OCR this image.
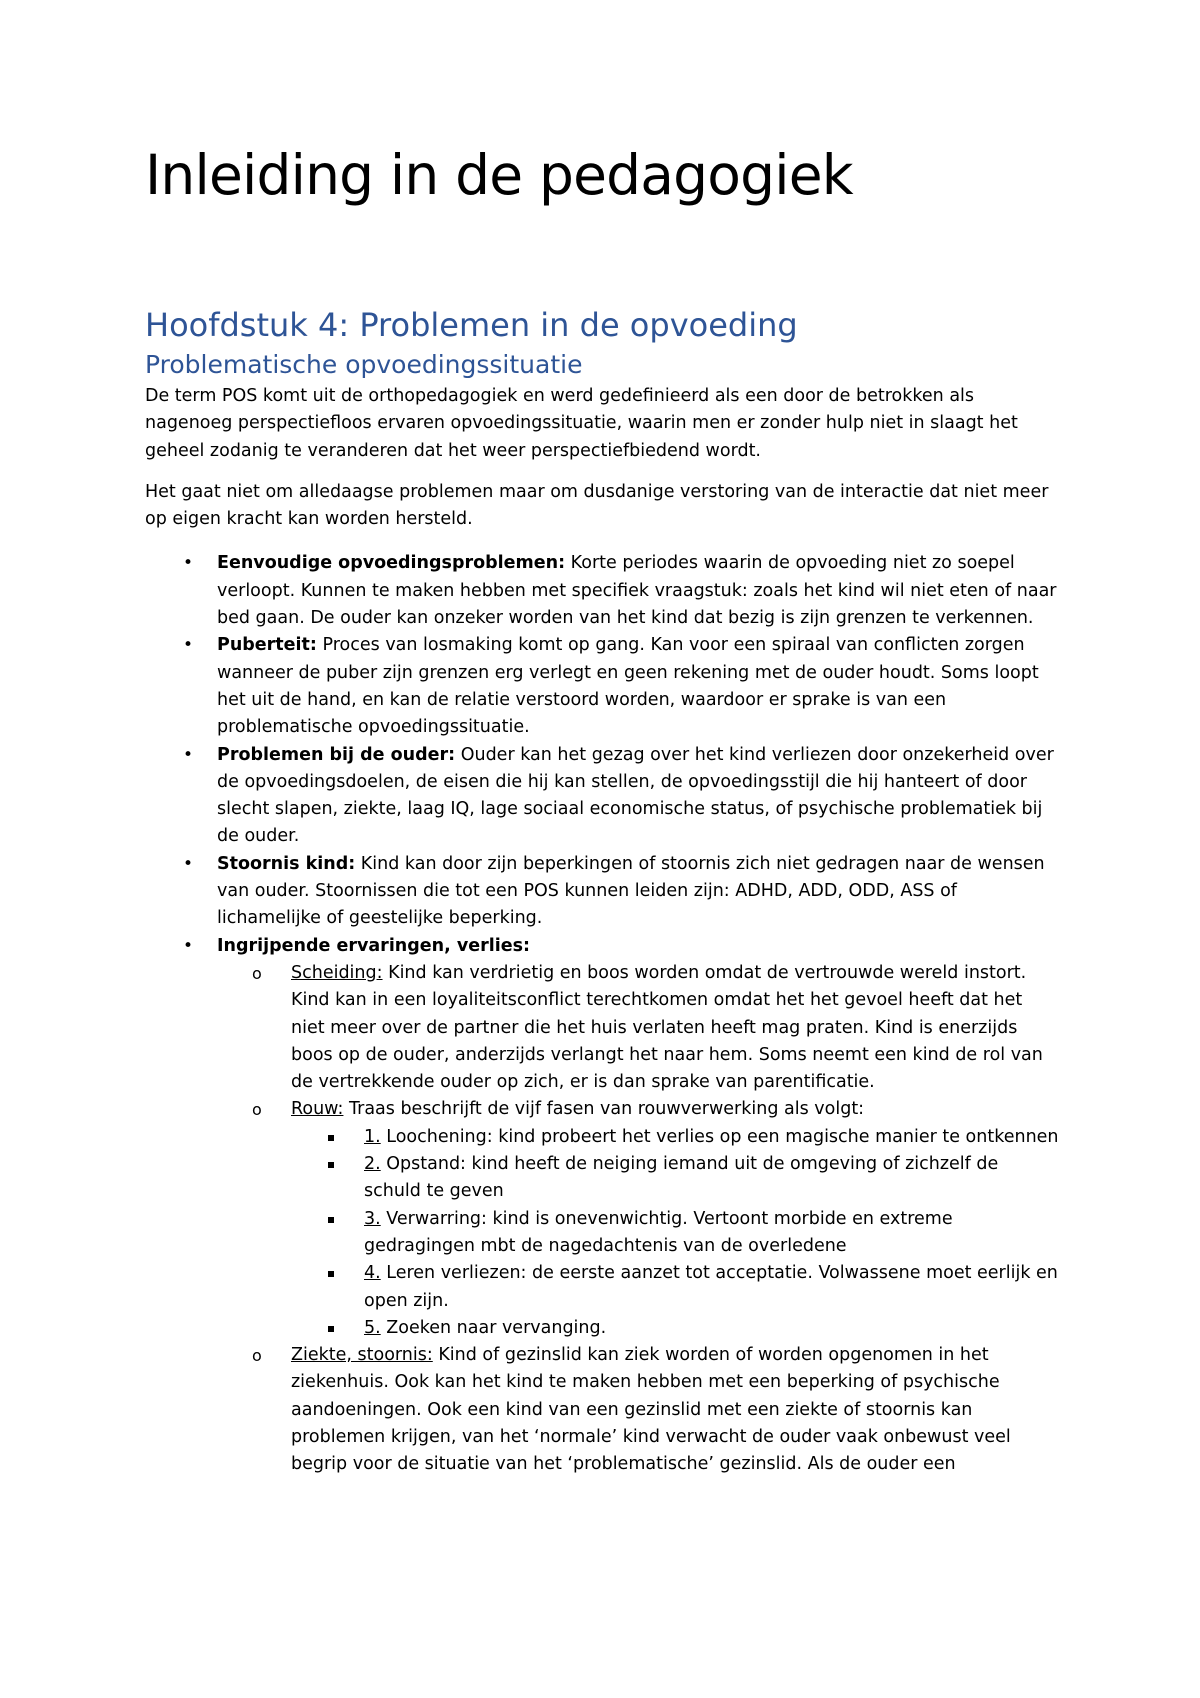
Inleiding in de pedagogiek
Hoofdstuk 4: Problemen in de opvoeding
Problematische opvoedingssituatie

De term POS komt uit de orthopedagogiek en werd gedefinieerd als een door de betrokken als nagenoeg perspectiefloos ervaren opvoedingssituatie, waarin men er zonder hulp niet in slaagt het geheel zodanig te veranderen dat het weer perspectiefbiedend wordt.

Het gaat niet om alledaagse problemen maar om dusdanige verstoring van de interactie dat niet meer op eigen kracht kan worden hersteld.

• Eenvoudige opvoedingsproblemen: Korte periodes waarin de opvoeding niet zo soepel verloopt. Kunnen te maken hebben met specifiek vraagstuk: zoals het kind wil niet eten of naar bed gaan. De ouder kan onzeker worden van het kind dat bezig is zijn grenzen te verkennen.
• Puberteit: Proces van losmaking komt op gang. Kan voor een spiraal van conflicten zorgen wanneer de puber zijn grenzen erg verlegt en geen rekening met de ouder houdt. Soms loopt het uit de hand, en kan de relatie verstoord worden, waardoor er sprake is van een problematische opvoedingssituatie.
• Problemen bij de ouder: Ouder kan het gezag over het kind verliezen door onzekerheid over de opvoedingsdoelen, de eisen die hij kan stellen, de opvoedingsstijl die hij hanteert of door slecht slapen, ziekte, laag IQ, lage sociaal economische status, of psychische problematiek bij de ouder.
• Stoornis kind: Kind kan door zijn beperkingen of stoornis zich niet gedragen naar de wensen van ouder. Stoornissen die tot een POS kunnen leiden zijn: ADHD, ADD, ODD, ASS of lichamelijke of geestelijke beperking.
• Ingrijpende ervaringen, verlies:
o Scheiding: Kind kan verdrietig en boos worden omdat de vertrouwde wereld instort. Kind kan in een loyaliteitsconflict terechtkomen omdat het het gevoel heeft dat het niet meer over de partner die het huis verlaten heeft mag praten. Kind is enerzijds boos op de ouder, anderzijds verlangt het naar hem. Soms neemt een kind de rol van de vertrekkende ouder op zich, er is dan sprake van parentificatie.
o Rouw: Traas beschrijft de vijf fasen van rouwverwerking als volgt:
1. Loochening: kind probeert het verlies op een magische manier te ontkennen
2. Opstand: kind heeft de neiging iemand uit de omgeving of zichzelf de schuld te geven
3. Verwarring: kind is onevenwichtig. Vertoont morbide en extreme gedragingen mbt de nagedachtenis van de overledene
4. Leren verliezen: de eerste aanzet tot acceptatie. Volwassene moet eerlijk en open zijn.
5. Zoeken naar vervanging.
o Ziekte, stoornis: Kind of gezinslid kan ziek worden of worden opgenomen in het ziekenhuis. Ook kan het kind te maken hebben met een beperking of psychische aandoeningen. Ook een kind van een gezinslid met een ziekte of stoornis kan problemen krijgen, van het ‘normale’ kind verwacht de ouder vaak onbewust veel begrip voor de situatie van het ‘problematische’ gezinslid. Als de ouder een
